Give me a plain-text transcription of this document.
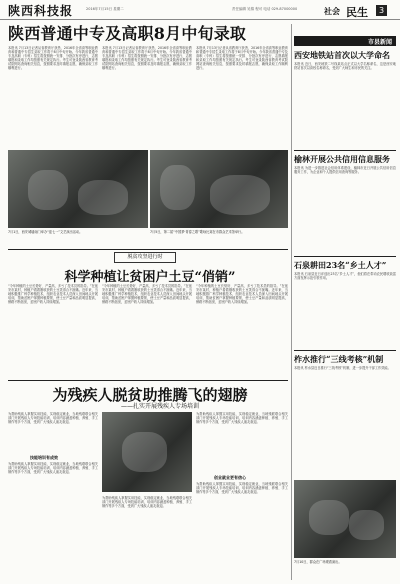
陕西科技报	2016年7月15日 星期二	责任编辑 吴锦 程可 电话 029-87000000	社会 民生	3
陕西普通中专及高职8月中旬录取
本报讯 7月13日记者从省教育厅获悉，2016年全省高等职业教育和普通中专招生录取工作将于8月中旬开始。今年我省普通中专及高职（专科）招生将按照统一安排、分批次有序进行，志愿填报和录取工作均按照有关规定执行。考生可登录陕西省教育考试院网站查询相关信息，按照要求及时填报志愿，确保录取工作顺利进行。
本报讯 7月13日记者从省教育厅获悉，2016年全省高等职业教育和普通中专招生录取工作将于8月中旬开始。今年我省普通中专及高职（专科）招生将按照统一安排、分批次有序进行，志愿填报和录取工作均按照有关规定执行。考生可登录陕西省教育考试院网站查询相关信息，按照要求及时填报志愿，确保录取工作顺利进行。
本报讯 7月13日记者从省教育厅获悉，2016年全省高等职业教育和普通中专招生录取工作将于8月中旬开始。今年我省普通中专及高职（专科）招生将按照统一安排、分批次有序进行，志愿填报和录取工作均按照有关规定执行。考生可登录陕西省教育考试院网站查询相关信息，按照要求及时填报志愿，确保录取工作顺利进行。
7月1日，西安城墙南门举办“迎七一”文艺演出活动。	7月5日，第二届“中国梦·青春之歌”歌咏比赛在市群众艺术馆举行。
脱贫攻坚进行时
科学种植让贫困户土豆“俏销”
“今年种植的土豆长势好、产量高，多亏了技术员的指导。”在延安市某村，种植户看着刚收获的土豆笑得合不拢嘴。近年来，当地积极推广科学种植技术，组织农业技术人员深入田间地头开展培训，帮助贫困户掌握种植要领，使土豆产量和品质明显提高，销路不断拓宽，贫困户收入持续增加。
“今年种植的土豆长势好、产量高，多亏了技术员的指导。”在延安市某村，种植户看着刚收获的土豆笑得合不拢嘴。近年来，当地积极推广科学种植技术，组织农业技术人员深入田间地头开展培训，帮助贫困户掌握种植要领，使土豆产量和品质明显提高，销路不断拓宽，贫困户收入持续增加。
“今年种植的土豆长势好、产量高，多亏了技术员的指导。”在延安市某村，种植户看着刚收获的土豆笑得合不拢嘴。近年来，当地积极推广科学种植技术，组织农业技术人员深入田间地头开展培训，帮助贫困户掌握种植要领，使土豆产量和品质明显提高，销路不断拓宽，贫困户收入持续增加。
为残疾人脱贫助推腾飞的翅膀
——扎实开展残疾人专场培训
为帮助残疾人掌握实用技能，实现稳定就业，当地残联联合相关部门开展残疾人专场技能培训，培训内容涵盖种植、养殖、手工制作等多个方面，受到广大残疾人朋友欢迎。
技能培训有成效
为帮助残疾人掌握实用技能，实现稳定就业，当地残联联合相关部门开展残疾人专场技能培训，培训内容涵盖种植、养殖、手工制作等多个方面，受到广大残疾人朋友欢迎。
为帮助残疾人掌握实用技能，实现稳定就业，当地残联联合相关部门开展残疾人专场技能培训，培训内容涵盖种植、养殖、手工制作等多个方面，受到广大残疾人朋友欢迎。
为帮助残疾人掌握实用技能，实现稳定就业，当地残联联合相关部门开展残疾人专场技能培训，培训内容涵盖种植、养殖、手工制作等多个方面，受到广大残疾人朋友欢迎。
创业就业更有信心
为帮助残疾人掌握实用技能，实现稳定就业，当地残联联合相关部门开展残疾人专场技能培训，培训内容涵盖种植、养殖、手工制作等多个方面，受到广大残疾人朋友欢迎。
市县新闻
西安地铁站首次以大学命名
本报讯 近日，西安地铁二号线某站点正式以大学名称命名，这是西安地铁站首次以高校名称命名，受到广大师生和市民的关注。
榆林开展公共信用信息服务
本报讯 为进一步推进社会信用体系建设，榆林市近日开展公共信用信息服务工作，为企业和个人提供信用查询等服务。
石泉耕田23名“乡土人才”
本报讯 石泉县近日评选出23名“乡土人才”，他们将在带动农民增收致富方面发挥示范引领作用。
柞水推行“三线考核”机制
本报讯 柞水县近日推行“三线考核”机制，进一步提升干部工作效能。
7月10日，群众在广场观看演出。
